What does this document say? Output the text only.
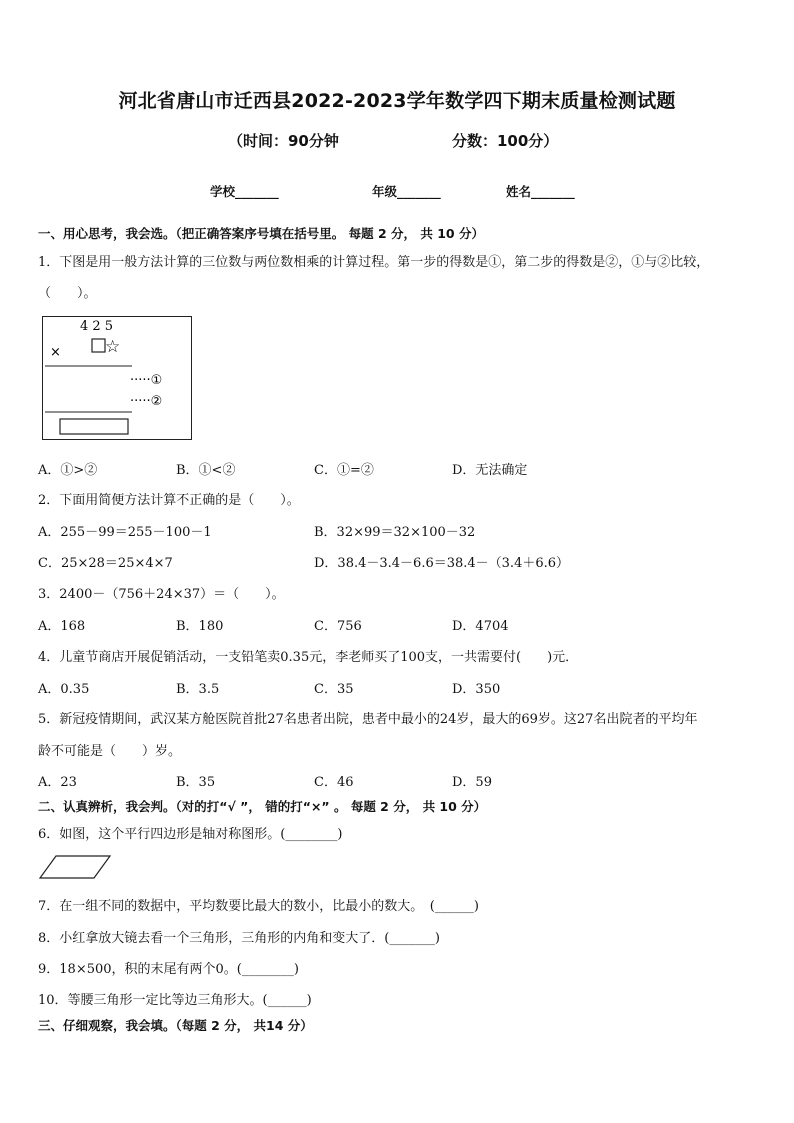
河北省唐山市迁西县2022-2023学年数学四下期末质量检测试题
（时间：90分钟	分数：100分）
学校_______	年级_______	姓名_______
一、用心思考，我会选。（把正确答案序号填在括号里。 每题 2 分， 共 10 分）
1．下图是用一般方法计算的三位数与两位数相乘的计算过程。第一步的得数是①，第二步的得数是②，①与②比较，
（　　）。
4 2 5
×	☆
·····①
·····②
A．①>②	B．①<②	C．①=②	D．无法确定
2．下面用简便方法计算不正确的是（　　）。
A．255－99＝255－100－1	B．32×99＝32×100－32
C．25×28＝25×4×7	D．38.4－3.4－6.6＝38.4－（3.4＋6.6）
3．2400－（756＋24×37）＝（　　）。
A．168	B．180	C．756	D．4704
4．儿童节商店开展促销活动，一支铅笔卖0.35元，李老师买了100支，一共需要付(　　)元．
A．0.35	B．3.5	C．35	D．350
5．新冠疫情期间，武汉某方舱医院首批27名患者出院，患者中最小的24岁，最大的69岁。这27名出院者的平均年
龄不可能是（　　）岁。
A．23	B．35	C．46	D．59
二、认真辨析，我会判。（对的打“√ ”， 错的打“×” 。 每题 2 分， 共 10 分）
6．如图，这个平行四边形是轴对称图形。(________)
7．在一组不同的数据中，平均数要比最大的数小，比最小的数大。　(______)
8．小红拿放大镜去看一个三角形，三角形的内角和变大了．(_______)
9．18×500，积的末尾有两个0。(________)
10．等腰三角形一定比等边三角形大。(______)
三、仔细观察，我会填。（每题 2 分， 共14 分）
